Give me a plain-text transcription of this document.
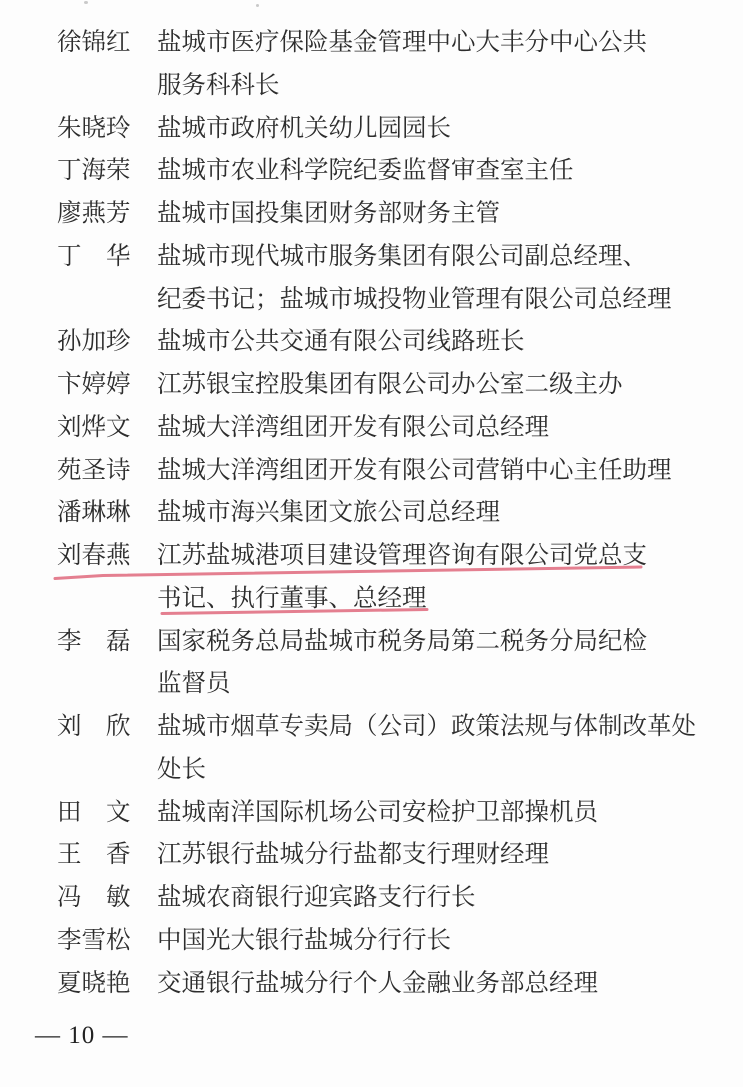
徐锦红 盐城市医疗保险基金管理中心大丰分中心公共
服务科科长
朱晓玲 盐城市政府机关幼儿园园长
丁海荣 盐城市农业科学院纪委监督审查室主任
廖燕芳 盐城市国投集团财务部财务主管
丁　华 盐城市现代城市服务集团有限公司副总经理、
纪委书记；盐城市城投物业管理有限公司总经理
孙加珍 盐城市公共交通有限公司线路班长
卞婷婷 江苏银宝控股集团有限公司办公室二级主办
刘烨文 盐城大洋湾组团开发有限公司总经理
苑圣诗 盐城大洋湾组团开发有限公司营销中心主任助理
潘琳琳 盐城市海兴集团文旅公司总经理
刘春燕 江苏盐城港项目建设管理咨询有限公司党总支
书记、执行董事、总经理
李　磊 国家税务总局盐城市税务局第二税务分局纪检
监督员
刘　欣 盐城市烟草专卖局（公司）政策法规与体制改革处
处长
田　文 盐城南洋国际机场公司安检护卫部操机员
王　香 江苏银行盐城分行盐都支行理财经理
冯　敏 盐城农商银行迎宾路支行行长
李雪松 中国光大银行盐城分行行长
夏晓艳 交通银行盐城分行个人金融业务部总经理
— 10 —
